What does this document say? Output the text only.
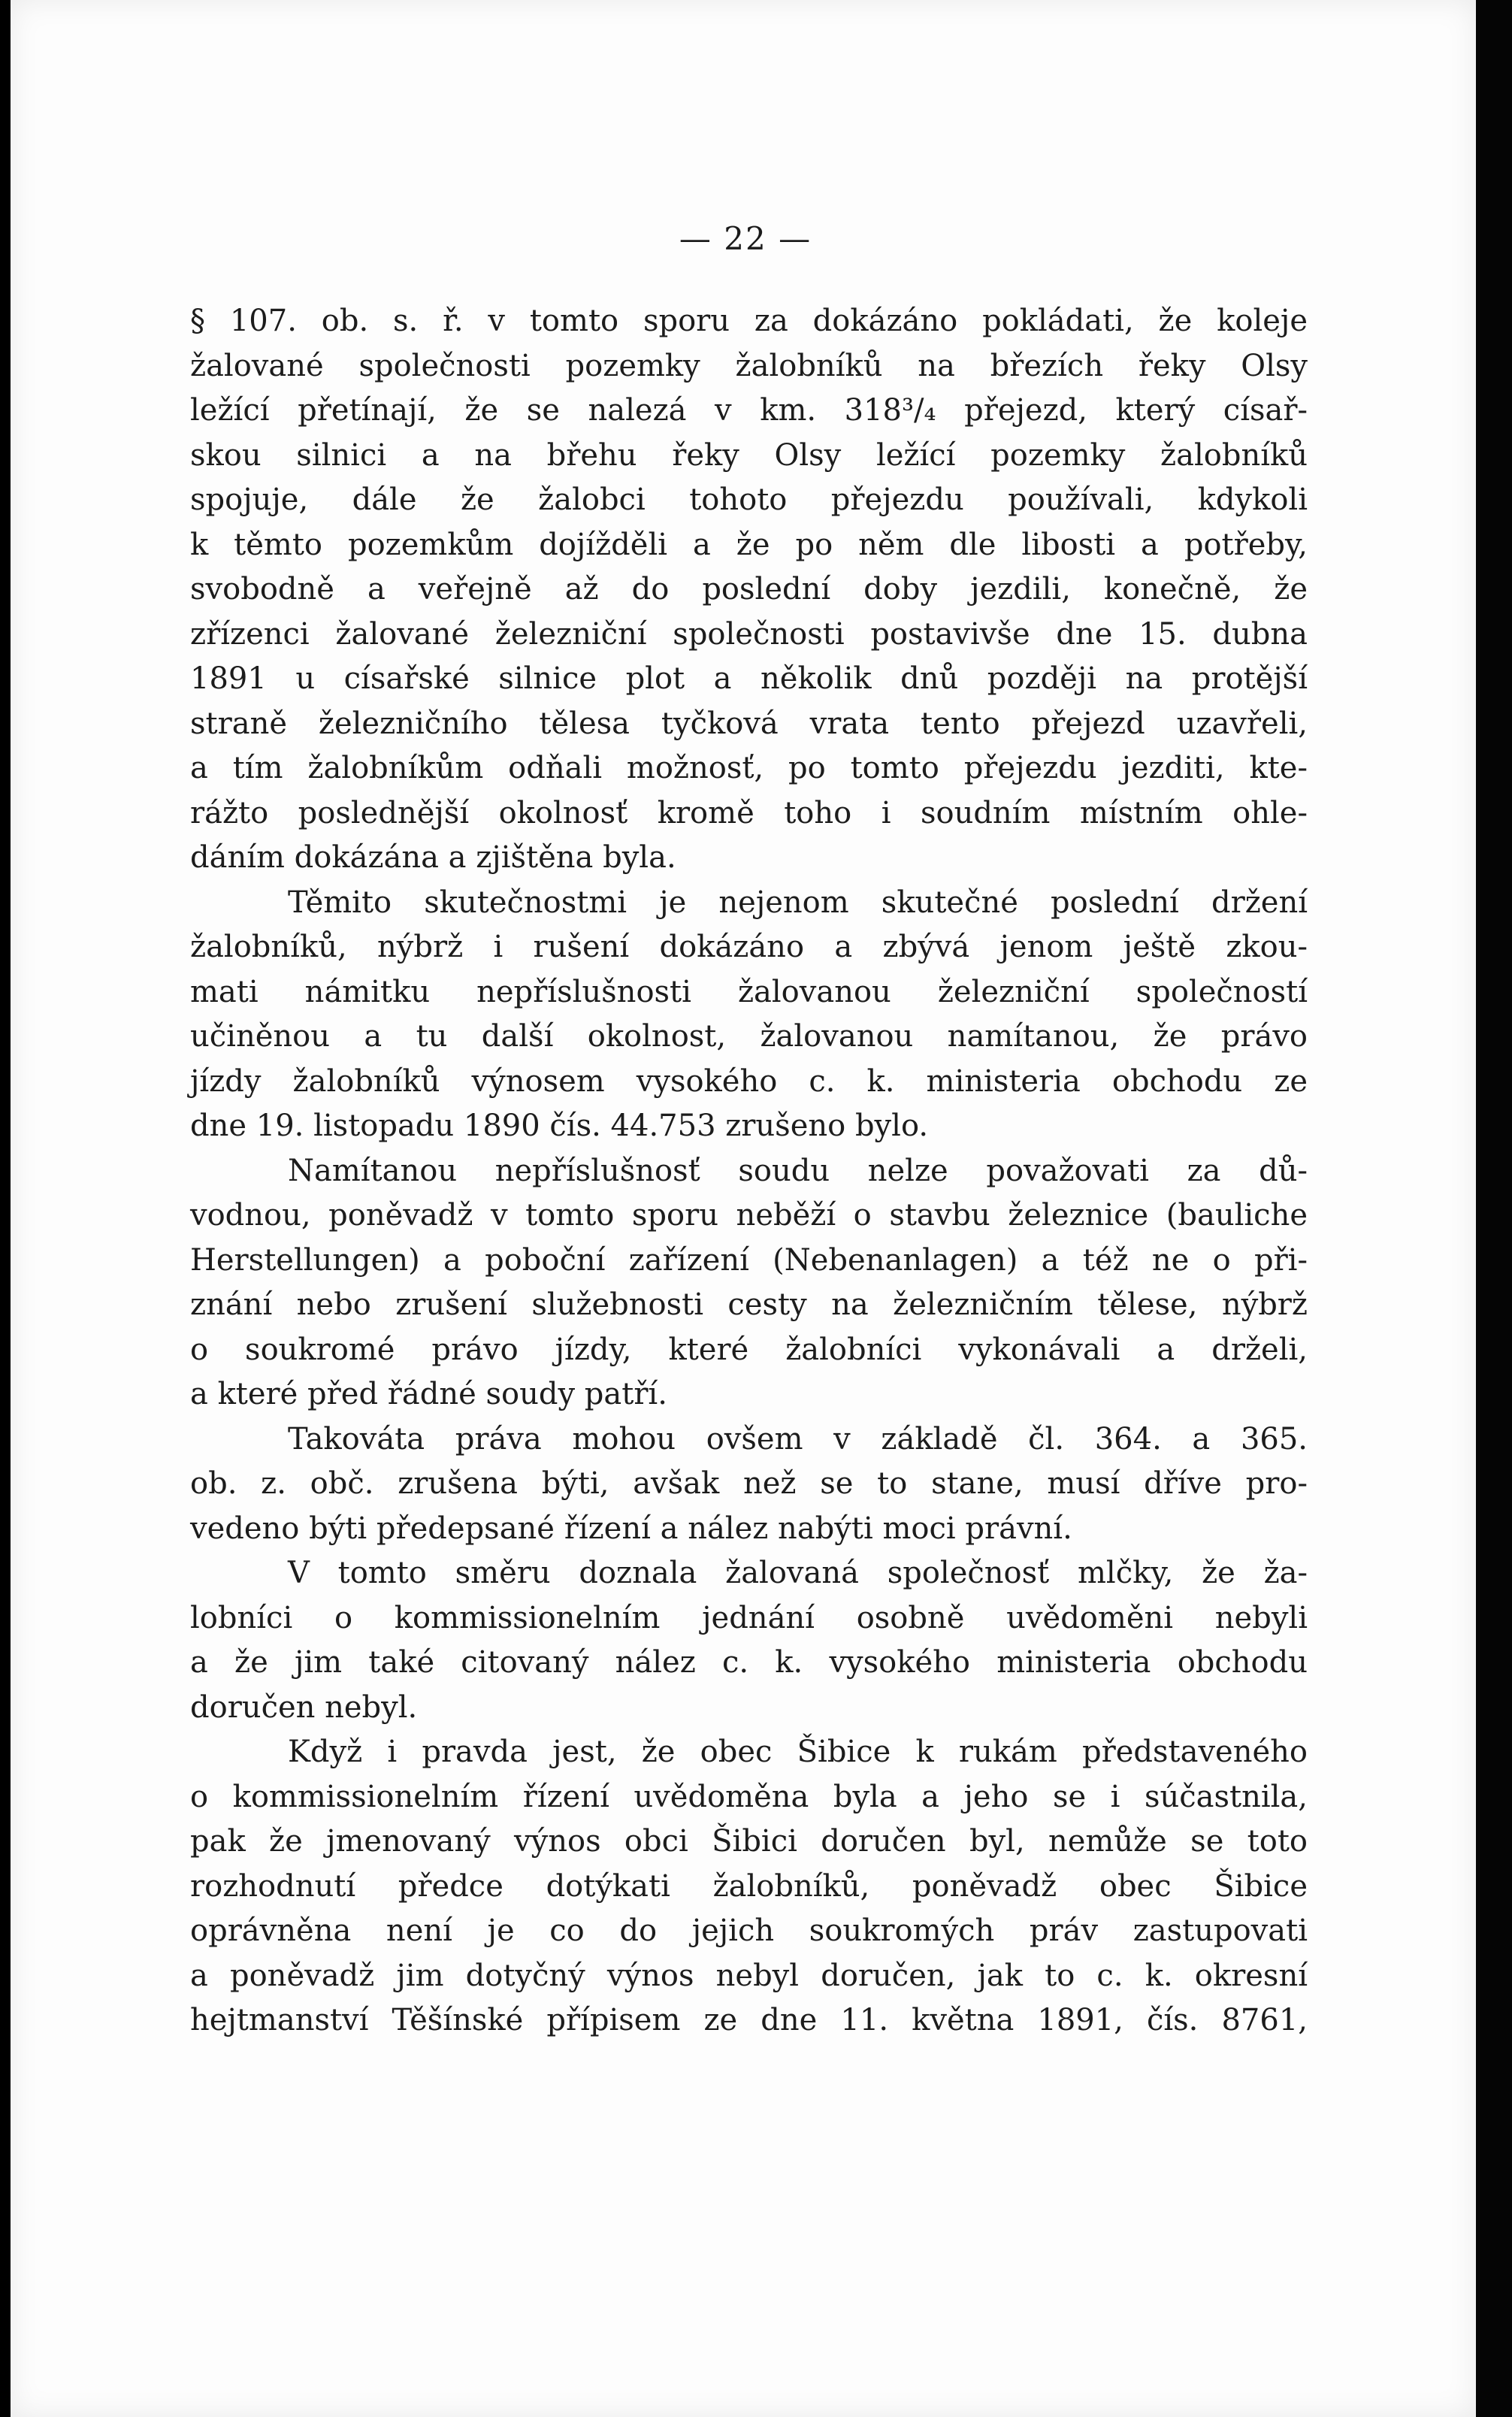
— 22 —
§ 107. ob. s. ř. v tomto sporu za dokázáno pokládati, že koleje
žalované společnosti pozemky žalobníků na březích řeky Olsy
ležící přetínají, že se nalezá v km. 318³/₄ přejezd, který císař-
skou silnici a na břehu řeky Olsy ležící pozemky žalobníků
spojuje, dále že žalobci tohoto přejezdu používali, kdykoli
k těmto pozemkům dojížděli a že po něm dle libosti a potřeby,
svobodně a veřejně až do poslední doby jezdili, konečně, že
zřízenci žalované železniční společnosti postavivše dne 15. dubna
1891 u císařské silnice plot a několik dnů později na protější
straně železničního tělesa tyčková vrata tento přejezd uzavřeli,
a tím žalobníkům odňali možnosť, po tomto přejezdu jezditi, kte-
rážto poslednější okolnosť kromě toho i soudním místním ohle-
dáním dokázána a zjištěna byla.
Těmito skutečnostmi je nejenom skutečné poslední držení
žalobníků, nýbrž i rušení dokázáno a zbývá jenom ještě zkou-
mati námitku nepříslušnosti žalovanou železniční společností
učiněnou a tu další okolnost, žalovanou namítanou, že právo
jízdy žalobníků výnosem vysokého c. k. ministeria obchodu ze
dne 19. listopadu 1890 čís. 44.753 zrušeno bylo.
Namítanou nepříslušnosť soudu nelze považovati za dů-
vodnou, poněvadž v tomto sporu neběží o stavbu železnice (bauliche
Herstellungen) a poboční zařízení (Nebenanlagen) a též ne o při-
znání nebo zrušení služebnosti cesty na železničním tělese, nýbrž
o soukromé právo jízdy, které žalobníci vykonávali a drželi,
a které před řádné soudy patří.
Takováta práva mohou ovšem v základě čl. 364. a 365.
ob. z. obč. zrušena býti, avšak než se to stane, musí dříve pro-
vedeno býti předepsané řízení a nález nabýti moci právní.
V tomto směru doznala žalovaná společnosť mlčky, že ža-
lobníci o kommissionelním jednání osobně uvědoměni nebyli
a že jim také citovaný nález c. k. vysokého ministeria obchodu
doručen nebyl.
Když i pravda jest, že obec Šibice k rukám představeného
o kommissionelním řízení uvědoměna byla a jeho se i súčastnila,
pak že jmenovaný výnos obci Šibici doručen byl, nemůže se toto
rozhodnutí předce dotýkati žalobníků, poněvadž obec Šibice
oprávněna není je co do jejich soukromých práv zastupovati
a poněvadž jim dotyčný výnos nebyl doručen, jak to c. k. okresní
hejtmanství Těšínské přípisem ze dne 11. května 1891, čís. 8761,
